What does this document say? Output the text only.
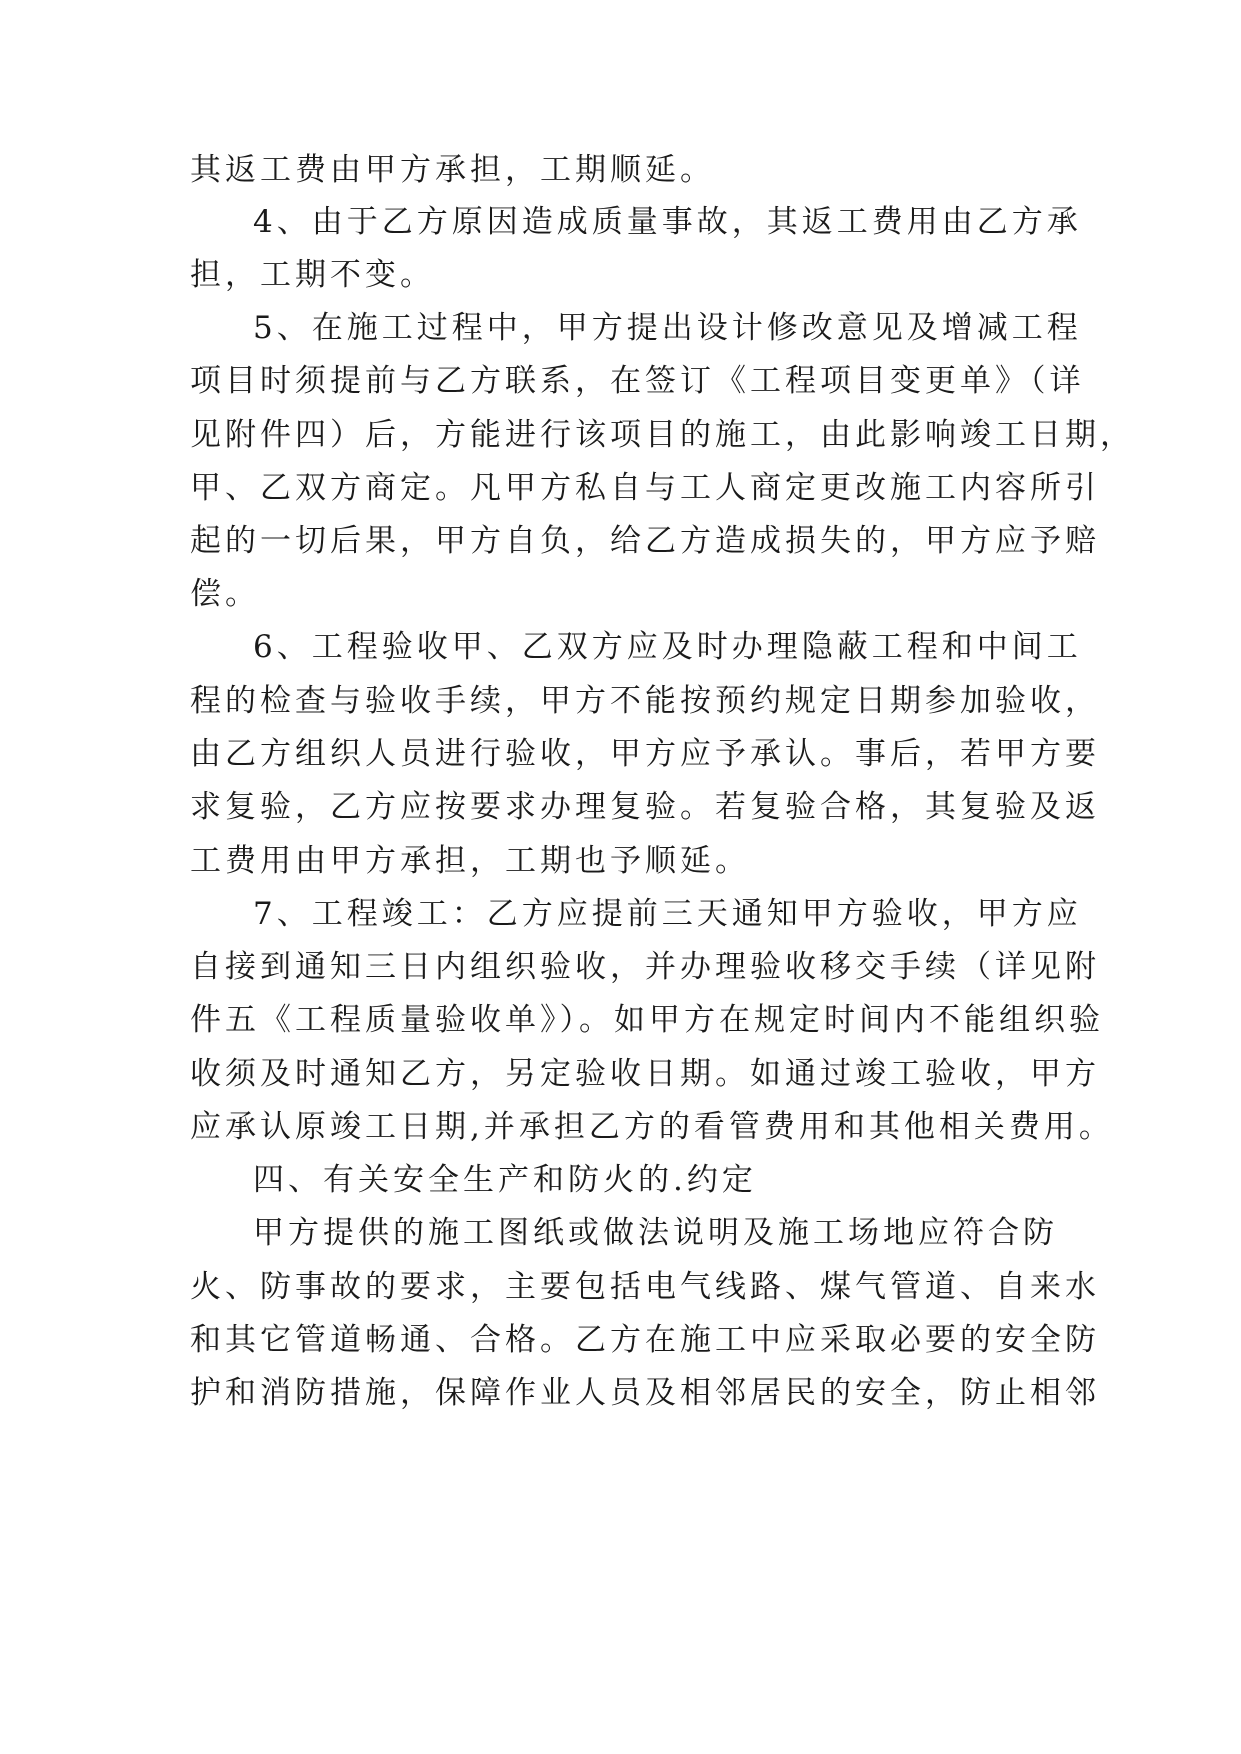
其返工费由甲方承担，工期顺延。
4、由于乙方原因造成质量事故，其返工费用由乙方承
担，工期不变。
5、在施工过程中，甲方提出设计修改意见及增减工程
项目时须提前与乙方联系，在签订《工程项目变更单》（详
见附件四）后，方能进行该项目的施工，由此影响竣工日期，
甲、乙双方商定。凡甲方私自与工人商定更改施工内容所引
起的一切后果，甲方自负，给乙方造成损失的，甲方应予赔
偿。
6、工程验收甲、乙双方应及时办理隐蔽工程和中间工
程的检查与验收手续，甲方不能按预约规定日期参加验收，
由乙方组织人员进行验收，甲方应予承认。事后，若甲方要
求复验，乙方应按要求办理复验。若复验合格，其复验及返
工费用由甲方承担，工期也予顺延。
7、工程竣工：乙方应提前三天通知甲方验收，甲方应
自接到通知三日内组织验收，并办理验收移交手续（详见附
件五《工程质量验收单》）。如甲方在规定时间内不能组织验
收须及时通知乙方，另定验收日期。如通过竣工验收，甲方
应承认原竣工日期,并承担乙方的看管费用和其他相关费用。
四、有关安全生产和防火的.约定
甲方提供的施工图纸或做法说明及施工场地应符合防
火、防事故的要求，主要包括电气线路、煤气管道、自来水
和其它管道畅通、合格。乙方在施工中应采取必要的安全防
护和消防措施，保障作业人员及相邻居民的安全，防止相邻
